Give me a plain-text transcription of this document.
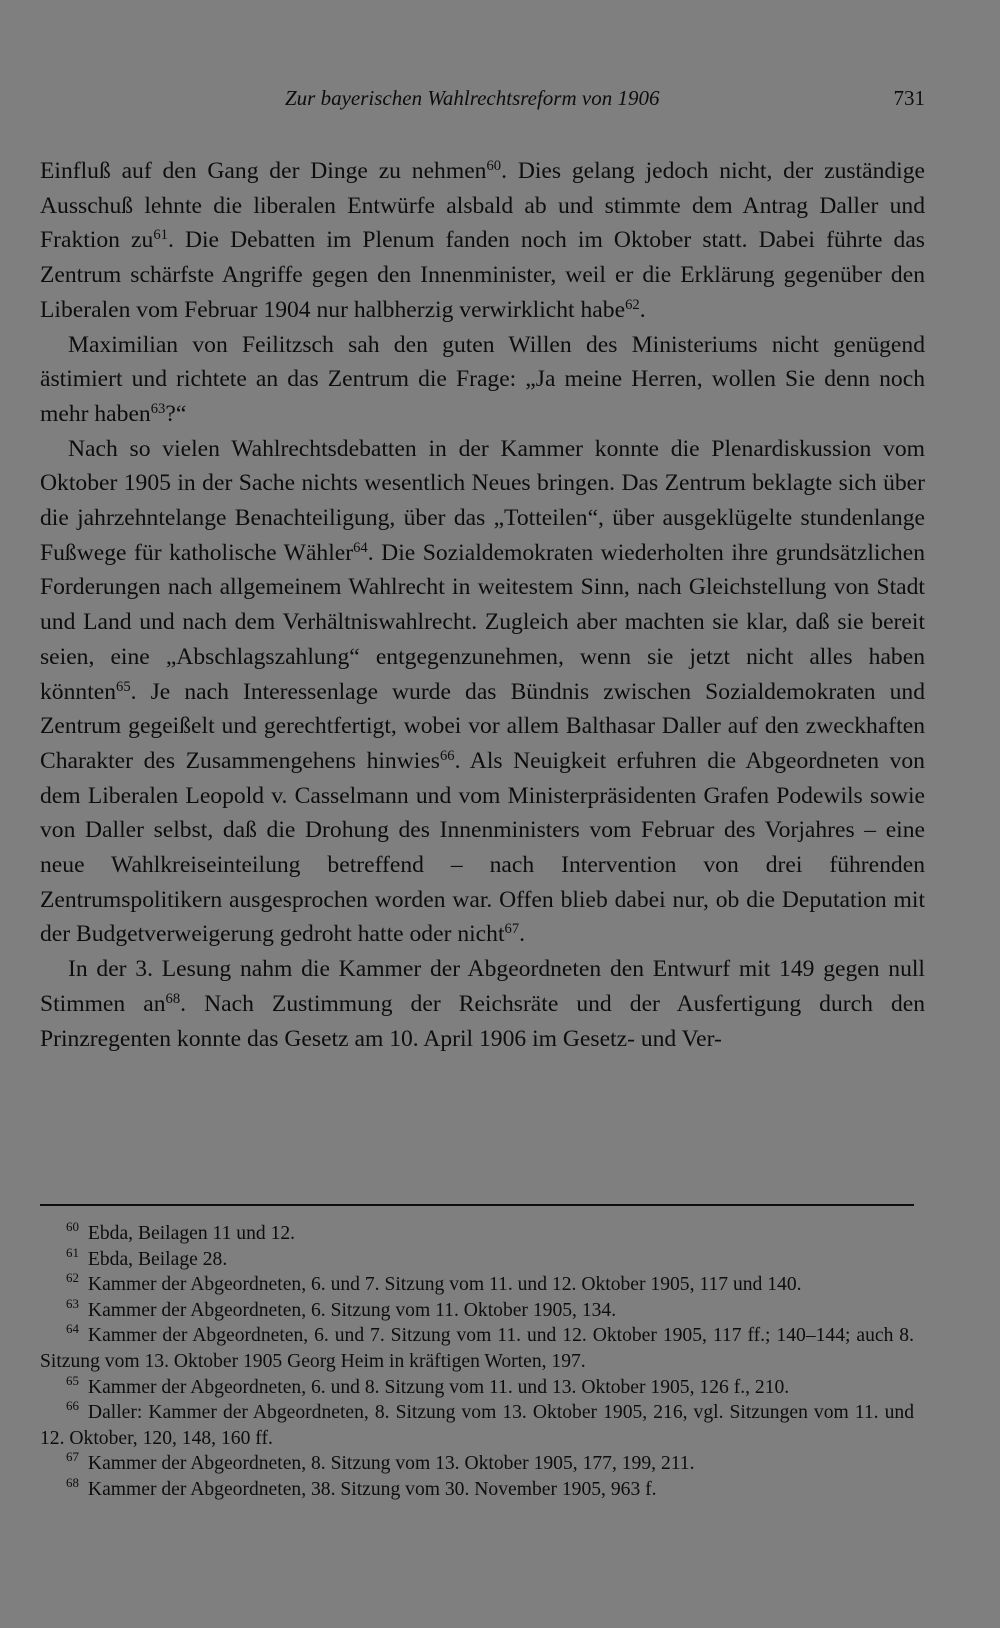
Zur bayerischen Wahlrechtsreform von 1906	731

Einfluß auf den Gang der Dinge zu nehmen$^{60}$. Dies gelang jedoch nicht, der zuständige Ausschuß lehnte die liberalen Entwürfe alsbald ab und stimmte dem Antrag Daller und Fraktion $zu^{61}$. Die Debatten im Plenum fanden noch im Oktober statt. Dabei führte das Zentrum schärfste Angriffe gegen den Innenminister, weil er die Erklärung gegenüber den Liberalen vom Februar 1904 nur halbherzig verwirklicht habe$^{62}$.

Maximilian von Feilitzsch sah den guten Willen des Ministeriums nicht genügend ästimiert und richtete an das Zentrum die Frage: „Ja meine Herren, wollen Sie denn noch mehr haben$^{63}$?“

Nach so vielen Wahlrechtsdebatten in der Kammer konnte die Plenardiskussion vom Oktober 1905 in der Sache nichts wesentlich Neues bringen. Das Zentrum beklagte sich über die jahrzehntelange Benachteiligung, über das „Totteilen“, über ausgeklügelte stundenlange Fußwege für katholische Wähler$^{64}$. Die Sozialdemokraten wiederholten ihre grundsätzlichen Forderungen nach allgemeinem Wahlrecht in weitestem Sinn, nach Gleichstellung von Stadt und Land und nach dem Verhältniswahlrecht. Zugleich aber machten sie klar, daß sie bereit seien, eine „Abschlagszahlung“ entgegenzunehmen, wenn sie jetzt nicht alles haben könnten$^{65}$. Je nach Interessenlage wurde das Bündnis zwischen Sozialdemokraten und Zentrum gegeißelt und gerechtfertigt, wobei vor allem Balthasar Daller auf den zweckhaften Charakter des Zusammengehens hinwies$^{66}$. Als Neuigkeit erfuhren die Abgeordneten von dem Liberalen Leopold v. Casselmann und vom Ministerpräsidenten Grafen Podewils sowie von Daller selbst, daß die Drohung des Innenministers vom Februar des Vorjahres – eine neue Wahlkreiseinteilung betreffend – nach Intervention von drei führenden Zentrumspolitikern ausgesprochen worden war. Offen blieb dabei nur, ob die Deputation mit der Budgetverweigerung gedroht hatte oder nicht$^{67}$.

In der 3. Lesung nahm die Kammer der Abgeordneten den Entwurf mit 149 gegen null Stimmen $an^{68}$. Nach Zustimmung der Reichsräte und der Ausfertigung durch den Prinzregenten konnte das Gesetz am 10. April 1906 im Gesetz- und Ver-

$^{60}$ Ebda, Beilagen 11 und 12.

$^{61}$ Ebda, Beilage 28.

$^{62}$ Kammer der Abgeordneten, 6. und 7. Sitzung vom 11. und 12. Oktober 1905, 117 und 140.

$^{63}$ Kammer der Abgeordneten, 6. Sitzung vom 11. Oktober 1905, 134.

$^{64}$ Kammer der Abgeordneten, 6. und 7. Sitzung vom 11. und 12. Oktober 1905, 117 ff.; 140–144; auch 8. Sitzung vom 13. Oktober 1905 Georg Heim in kräftigen Worten, 197.

$^{65}$ Kammer der Abgeordneten, 6. und 8. Sitzung vom 11. und 13. Oktober 1905, 126 f., 210.

$^{66}$ Daller: Kammer der Abgeordneten, 8. Sitzung vom 13. Oktober 1905, 216, vgl. Sitzungen vom 11. und 12. Oktober, 120, 148, 160 ff.

$^{67}$ Kammer der Abgeordneten, 8. Sitzung vom 13. Oktober 1905, 177, 199, 211.

$^{68}$ Kammer der Abgeordneten, 38. Sitzung vom 30. November 1905, 963 f.
